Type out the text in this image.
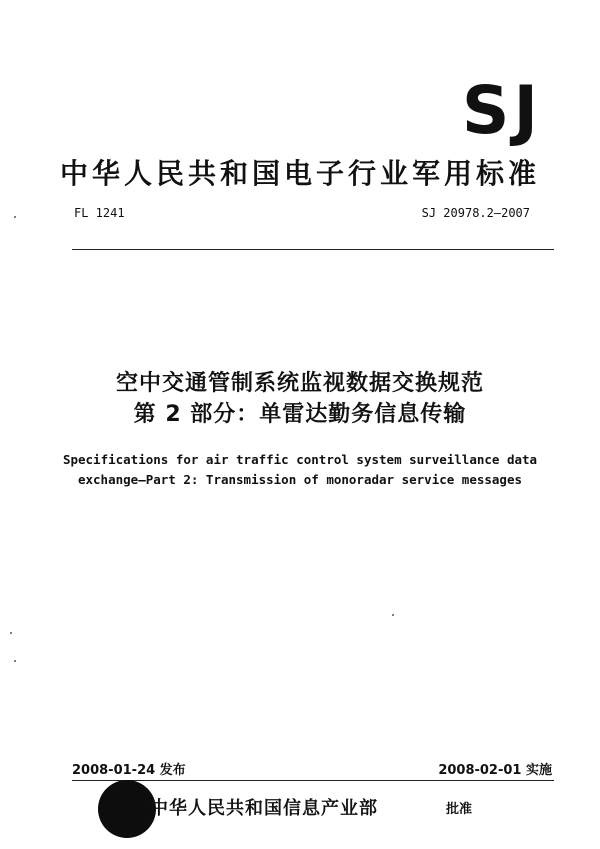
SJ
中华人民共和国电子行业军用标准
FL 1241	SJ 20978.2—2007
空中交通管制系统监视数据交换规范
第 2 部分：单雷达勤务信息传输
Specifications for air traffic control system surveillance data
exchange—Part 2: Transmission of monoradar service messages
2008-01-24 发布	2008-02-01 实施
中华人民共和国信息产业部	批准
